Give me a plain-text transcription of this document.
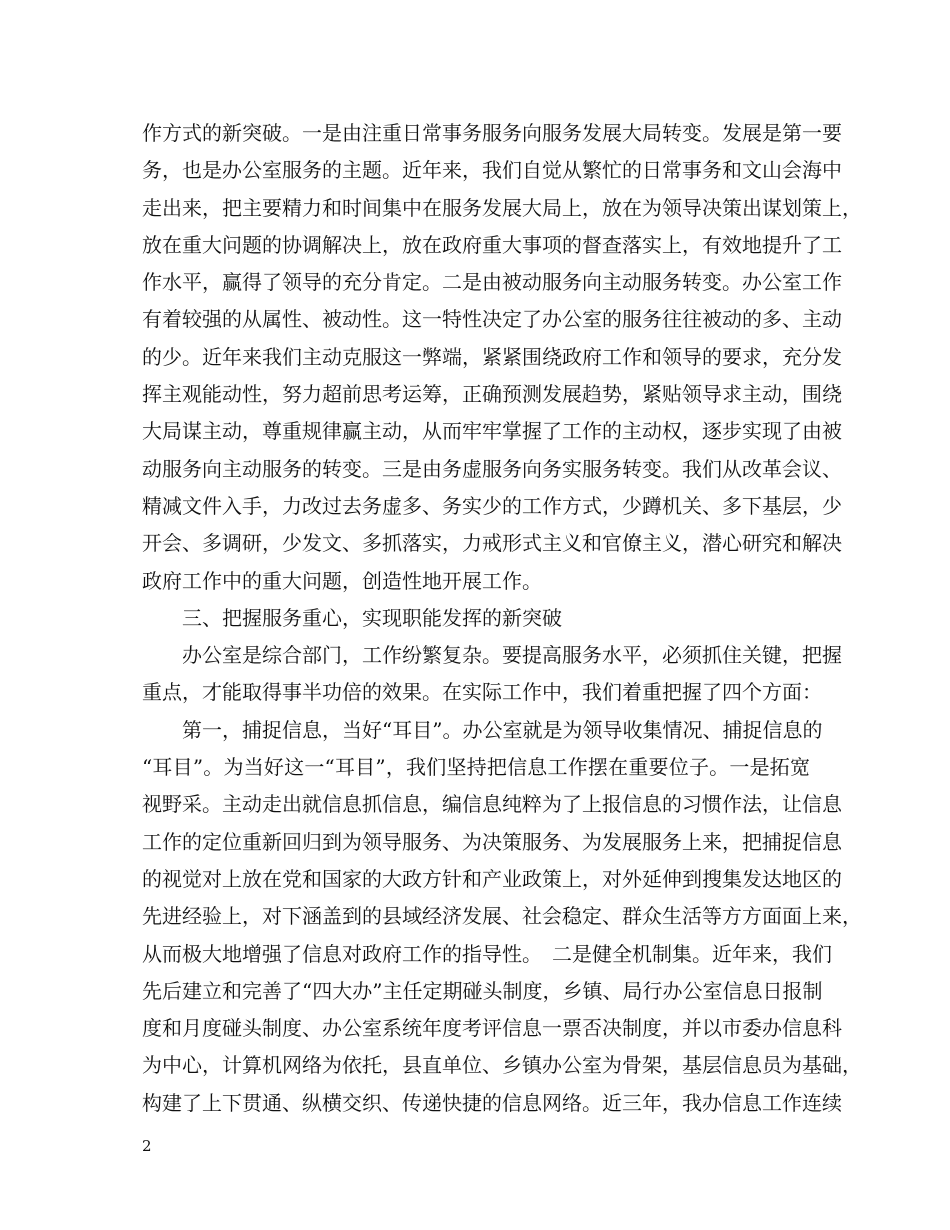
作方式的新突破。一是由注重日常事务服务向服务发展大局转变。发展是第一要
务，也是办公室服务的主题。近年来，我们自觉从繁忙的日常事务和文山会海中
走出来，把主要精力和时间集中在服务发展大局上，放在为领导决策出谋划策上，
放在重大问题的协调解决上，放在政府重大事项的督查落实上，有效地提升了工
作水平，赢得了领导的充分肯定。二是由被动服务向主动服务转变。办公室工作
有着较强的从属性、被动性。这一特性决定了办公室的服务往往被动的多、主动
的少。近年来我们主动克服这一弊端，紧紧围绕政府工作和领导的要求，充分发
挥主观能动性，努力超前思考运筹，正确预测发展趋势，紧贴领导求主动，围绕
大局谋主动，尊重规律赢主动，从而牢牢掌握了工作的主动权，逐步实现了由被
动服务向主动服务的转变。三是由务虚服务向务实服务转变。我们从改革会议、
精减文件入手，力改过去务虚多、务实少的工作方式，少蹲机关、多下基层，少
开会、多调研，少发文、多抓落实，力戒形式主义和官僚主义，潜心研究和解决
政府工作中的重大问题，创造性地开展工作。
　　三、把握服务重心，实现职能发挥的新突破
　　办公室是综合部门，工作纷繁复杂。要提高服务水平，必须抓住关键，把握
重点，才能取得事半功倍的效果。在实际工作中，我们着重把握了四个方面：
　　第一，捕捉信息，当好“耳目”。办公室就是为领导收集情况、捕捉信息的
“耳目”。为当好这一“耳目”，我们坚持把信息工作摆在重要位子。一是拓宽
视野采。主动走出就信息抓信息，编信息纯粹为了上报信息的习惯作法，让信息
工作的定位重新回归到为领导服务、为决策服务、为发展服务上来，把捕捉信息
的视觉对上放在党和国家的大政方针和产业政策上，对外延伸到搜集发达地区的
先进经验上，对下涵盖到的县域经济发展、社会稳定、群众生活等方方面面上来，
从而极大地增强了信息对政府工作的指导性。　二是健全机制集。近年来，我们
先后建立和完善了“四大办”主任定期碰头制度，乡镇、局行办公室信息日报制
度和月度碰头制度、办公室系统年度考评信息一票否决制度，并以市委办信息科
为中心，计算机网络为依托，县直单位、乡镇办公室为骨架，基层信息员为基础，
构建了上下贯通、纵横交织、传递快捷的信息网络。近三年，我办信息工作连续
2
